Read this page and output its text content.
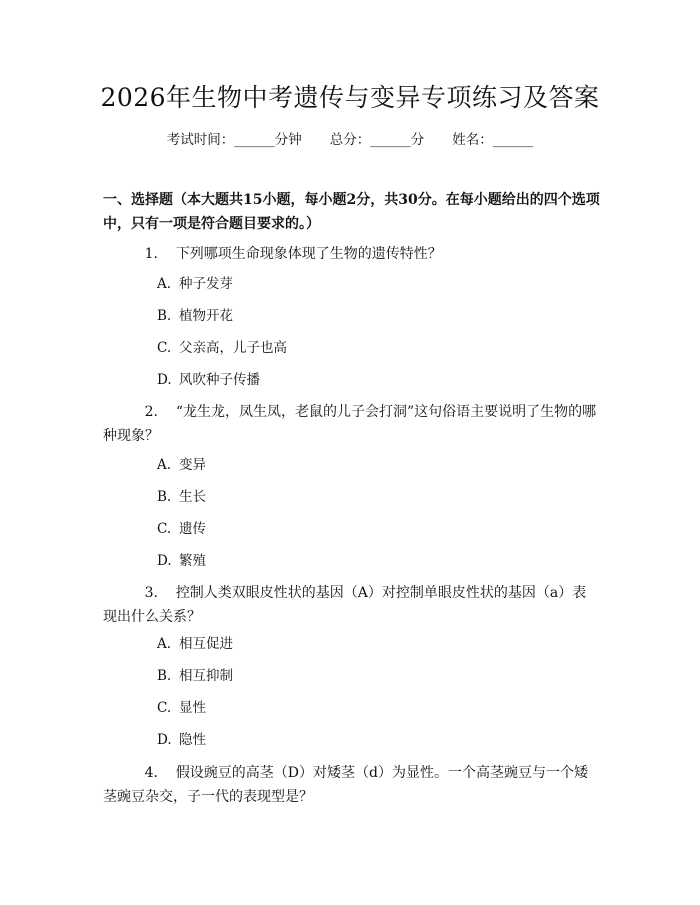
2026年生物中考遗传与变异专项练习及答案
考试时间：______分钟 总分：______分 姓名：______
一、选择题（本大题共15小题，每小题2分，共30分。在每小题给出的四个选项中，只有一项是符合题目要求的。）
1. 下列哪项生命现象体现了生物的遗传特性？
A. 种子发芽
B. 植物开花
C. 父亲高，儿子也高
D. 风吹种子传播
2. “龙生龙，凤生凤，老鼠的儿子会打洞”这句俗语主要说明了生物的哪种现象？
A. 变异
B. 生长
C. 遗传
D. 繁殖
3. 控制人类双眼皮性状的基因（A）对控制单眼皮性状的基因（a）表现出什么关系？
A. 相互促进
B. 相互抑制
C. 显性
D. 隐性
4. 假设豌豆的高茎（D）对矮茎（d）为显性。一个高茎豌豆与一个矮茎豌豆杂交，子一代的表现型是？
